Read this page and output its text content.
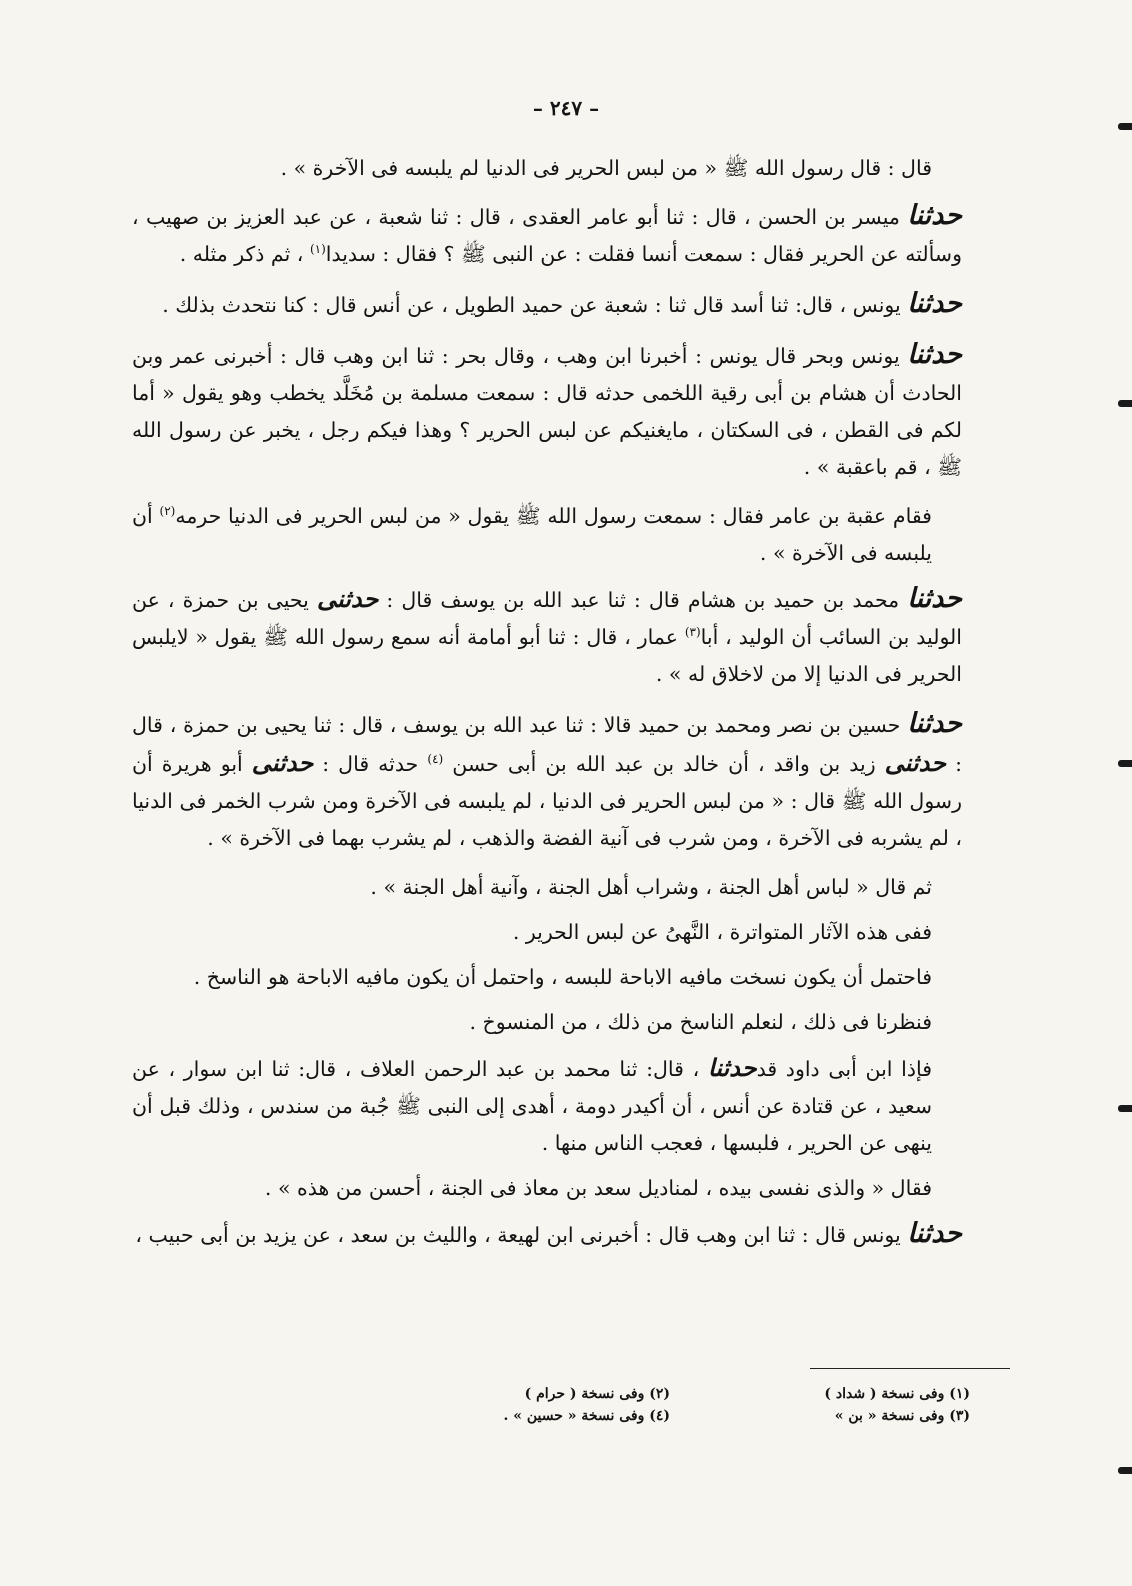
– ٢٤٧ –

قال : قال رسول الله ﷺ « من لبس الحرير فى الدنيا لم يلبسه فى الآخرة » .

حدثنا ميسر بن الحسن ، قال : ثنا أبو عامر العقدى ، قال : ثنا شعبة ، عن عبد العزيز بن صهيب ، وسألته عن الحرير فقال : سمعت أنسا فقلت : عن النبى ﷺ ؟ فقال : سديدا$^{(١)}$ ، ثم ذكر مثله .

حدثنا يونس ، قال: ثنا أسد قال ثنا : شعبة عن حميد الطويل ، عن أنس قال : كنا نتحدث بذلك .

حدثنا يونس وبحر قال يونس : أخبرنا ابن وهب ، وقال بحر : ثنا ابن وهب قال : أخبرنى عمر وبن الحادث أن هشام بن أبى رقية اللخمى حدثه قال : سمعت مسلمة بن مُخَلَّد يخطب وهو يقول « أما لكم فى القطن ، فى السكتان ، مايغنيكم عن لبس الحرير ؟ وهذا فيكم رجل ، يخبر عن رسول الله ﷺ ، قم باعقبة » .

فقام عقبة بن عامر فقال : سمعت رسول الله ﷺ يقول « من لبس الحرير فى الدنيا حرمه$^{(٢)}$ أن يلبسه فى الآخرة » .

حدثنا محمد بن حميد بن هشام قال : ثنا عبد الله بن يوسف قال : حدثنى يحيى بن حمزة ، عن الوليد بن السائب أن الوليد ، أبا$^{(٣)}$ عمار ، قال : ثنا أبو أمامة أنه سمع رسول الله ﷺ يقول « لايلبس الحرير فى الدنيا إلا من لاخلاق له » .

حدثنا حسين بن نصر ومحمد بن حميد قالا : ثنا عبد الله بن يوسف ، قال : ثنا يحيى بن حمزة ، قال : حدثنى زيد بن واقد ، أن خالد بن عبد الله بن أبى حسن $^{(٤)}$ حدثه قال : حدثنى أبو هريرة أن رسول الله ﷺ قال : « من لبس الحرير فى الدنيا ، لم يلبسه فى الآخرة ومن شرب الخمر فى الدنيا ، لم يشربه فى الآخرة ، ومن شرب فى آنية الفضة والذهب ، لم يشرب بهما فى الآخرة » .

ثم قال « لباس أهل الجنة ، وشراب أهل الجنة ، وآنية أهل الجنة » .

ففى هذه الآثار المتواترة ، النَّهىُ عن لبس الحرير .

فاحتمل أن يكون نسخت مافيه الاباحة للبسه ، واحتمل أن يكون مافيه الاباحة هو الناسخ .

فنظرنا فى ذلك ، لنعلم الناسخ من ذلك ، من المنسوخ .

فإذا ابن أبى داود قدحدثنا ، قال: ثنا محمد بن عبد الرحمن العلاف ، قال: ثنا ابن سوار ، عن سعيد ، عن قتادة عن أنس ، أن أكيدر دومة ، أهدى إلى النبى ﷺ جُبة من سندس ، وذلك قبل أن ينهى عن الحرير ، فلبسها ، فعجب الناس منها .

فقال « والذى نفسى بيده ، لمناديل سعد بن معاذ فى الجنة ، أحسن من هذه » .

حدثنا يونس قال : ثنا ابن وهب قال : أخبرنى ابن لهيعة ، والليث بن سعد ، عن يزيد بن أبى حبيب ،

(١) وفى نسخة ( شداد )
(٢) وفى نسخة ( حرام )
(٣) وفى نسخة « بن »
(٤) وفى نسخة « حسين » .
